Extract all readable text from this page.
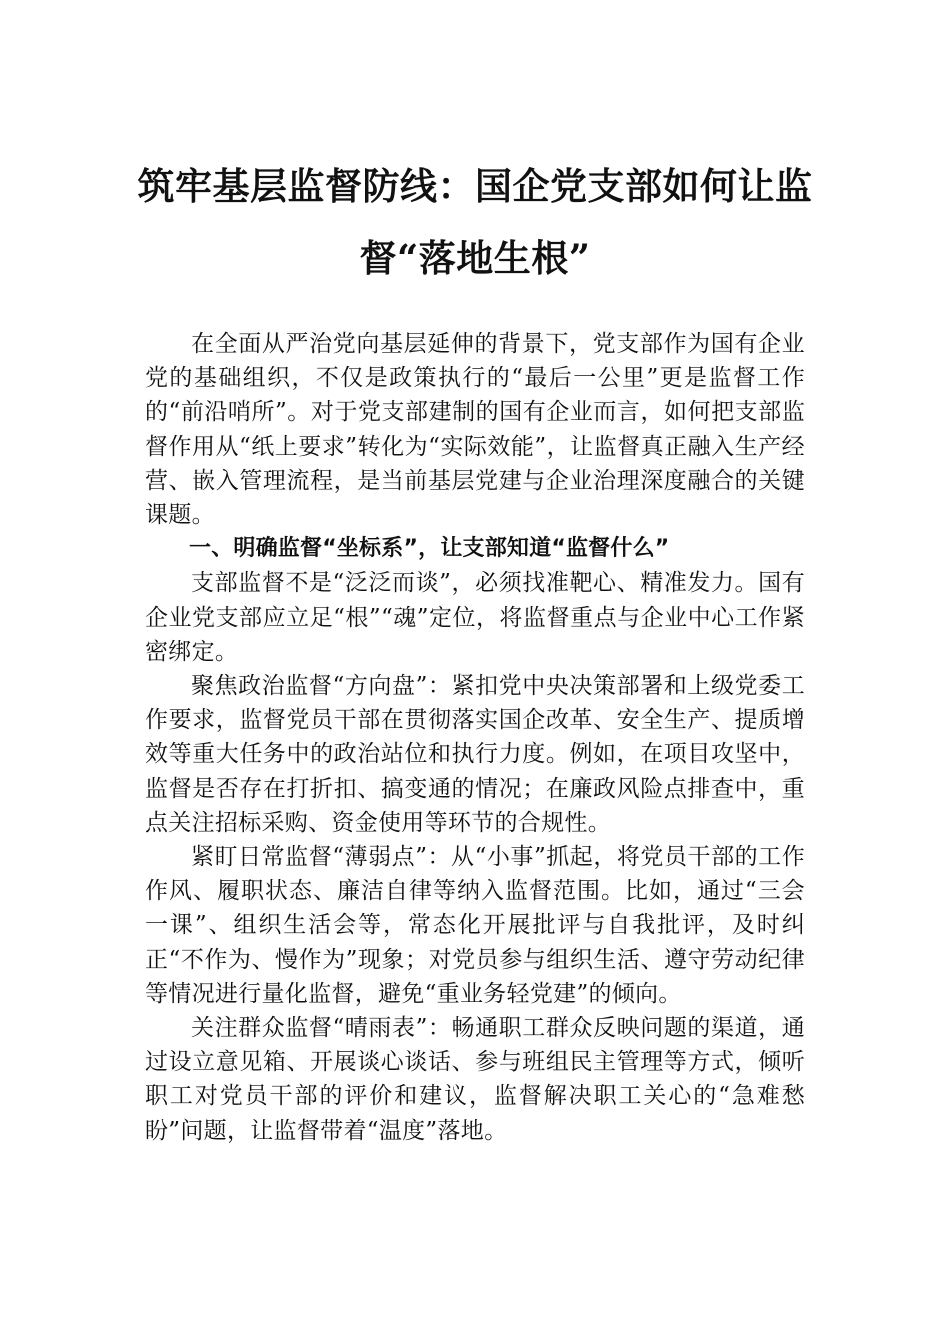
筑牢基层监督防线：国企党支部如何让监
督“落地生根”

在全面从严治党向基层延伸的背景下，党支部作为国有企业党的基础组织，不仅是政策执行的“最后一公里”更是监督工作的“前沿哨所”。对于党支部建制的国有企业而言，如何把支部监督作用从“纸上要求”转化为“实际效能”，让监督真正融入生产经营、嵌入管理流程，是当前基层党建与企业治理深度融合的关键课题。

一、明确监督“坐标系”，让支部知道“监督什么”

支部监督不是“泛泛而谈”，必须找准靶心、精准发力。国有企业党支部应立足“根”“魂”定位，将监督重点与企业中心工作紧密绑定。

聚焦政治监督“方向盘”：紧扣党中央决策部署和上级党委工作要求，监督党员干部在贯彻落实国企改革、安全生产、提质增效等重大任务中的政治站位和执行力度。例如，在项目攻坚中，监督是否存在打折扣、搞变通的情况；在廉政风险点排查中，重点关注招标采购、资金使用等环节的合规性。

紧盯日常监督“薄弱点”：从“小事”抓起，将党员干部的工作作风、履职状态、廉洁自律等纳入监督范围。比如，通过“三会一课”、组织生活会等，常态化开展批评与自我批评，及时纠正“不作为、慢作为”现象；对党员参与组织生活、遵守劳动纪律等情况进行量化监督，避免“重业务轻党建”的倾向。

关注群众监督“晴雨表”：畅通职工群众反映问题的渠道，通过设立意见箱、开展谈心谈话、参与班组民主管理等方式，倾听职工对党员干部的评价和建议，监督解决职工关心的“急难愁盼”问题，让监督带着“温度”落地。
